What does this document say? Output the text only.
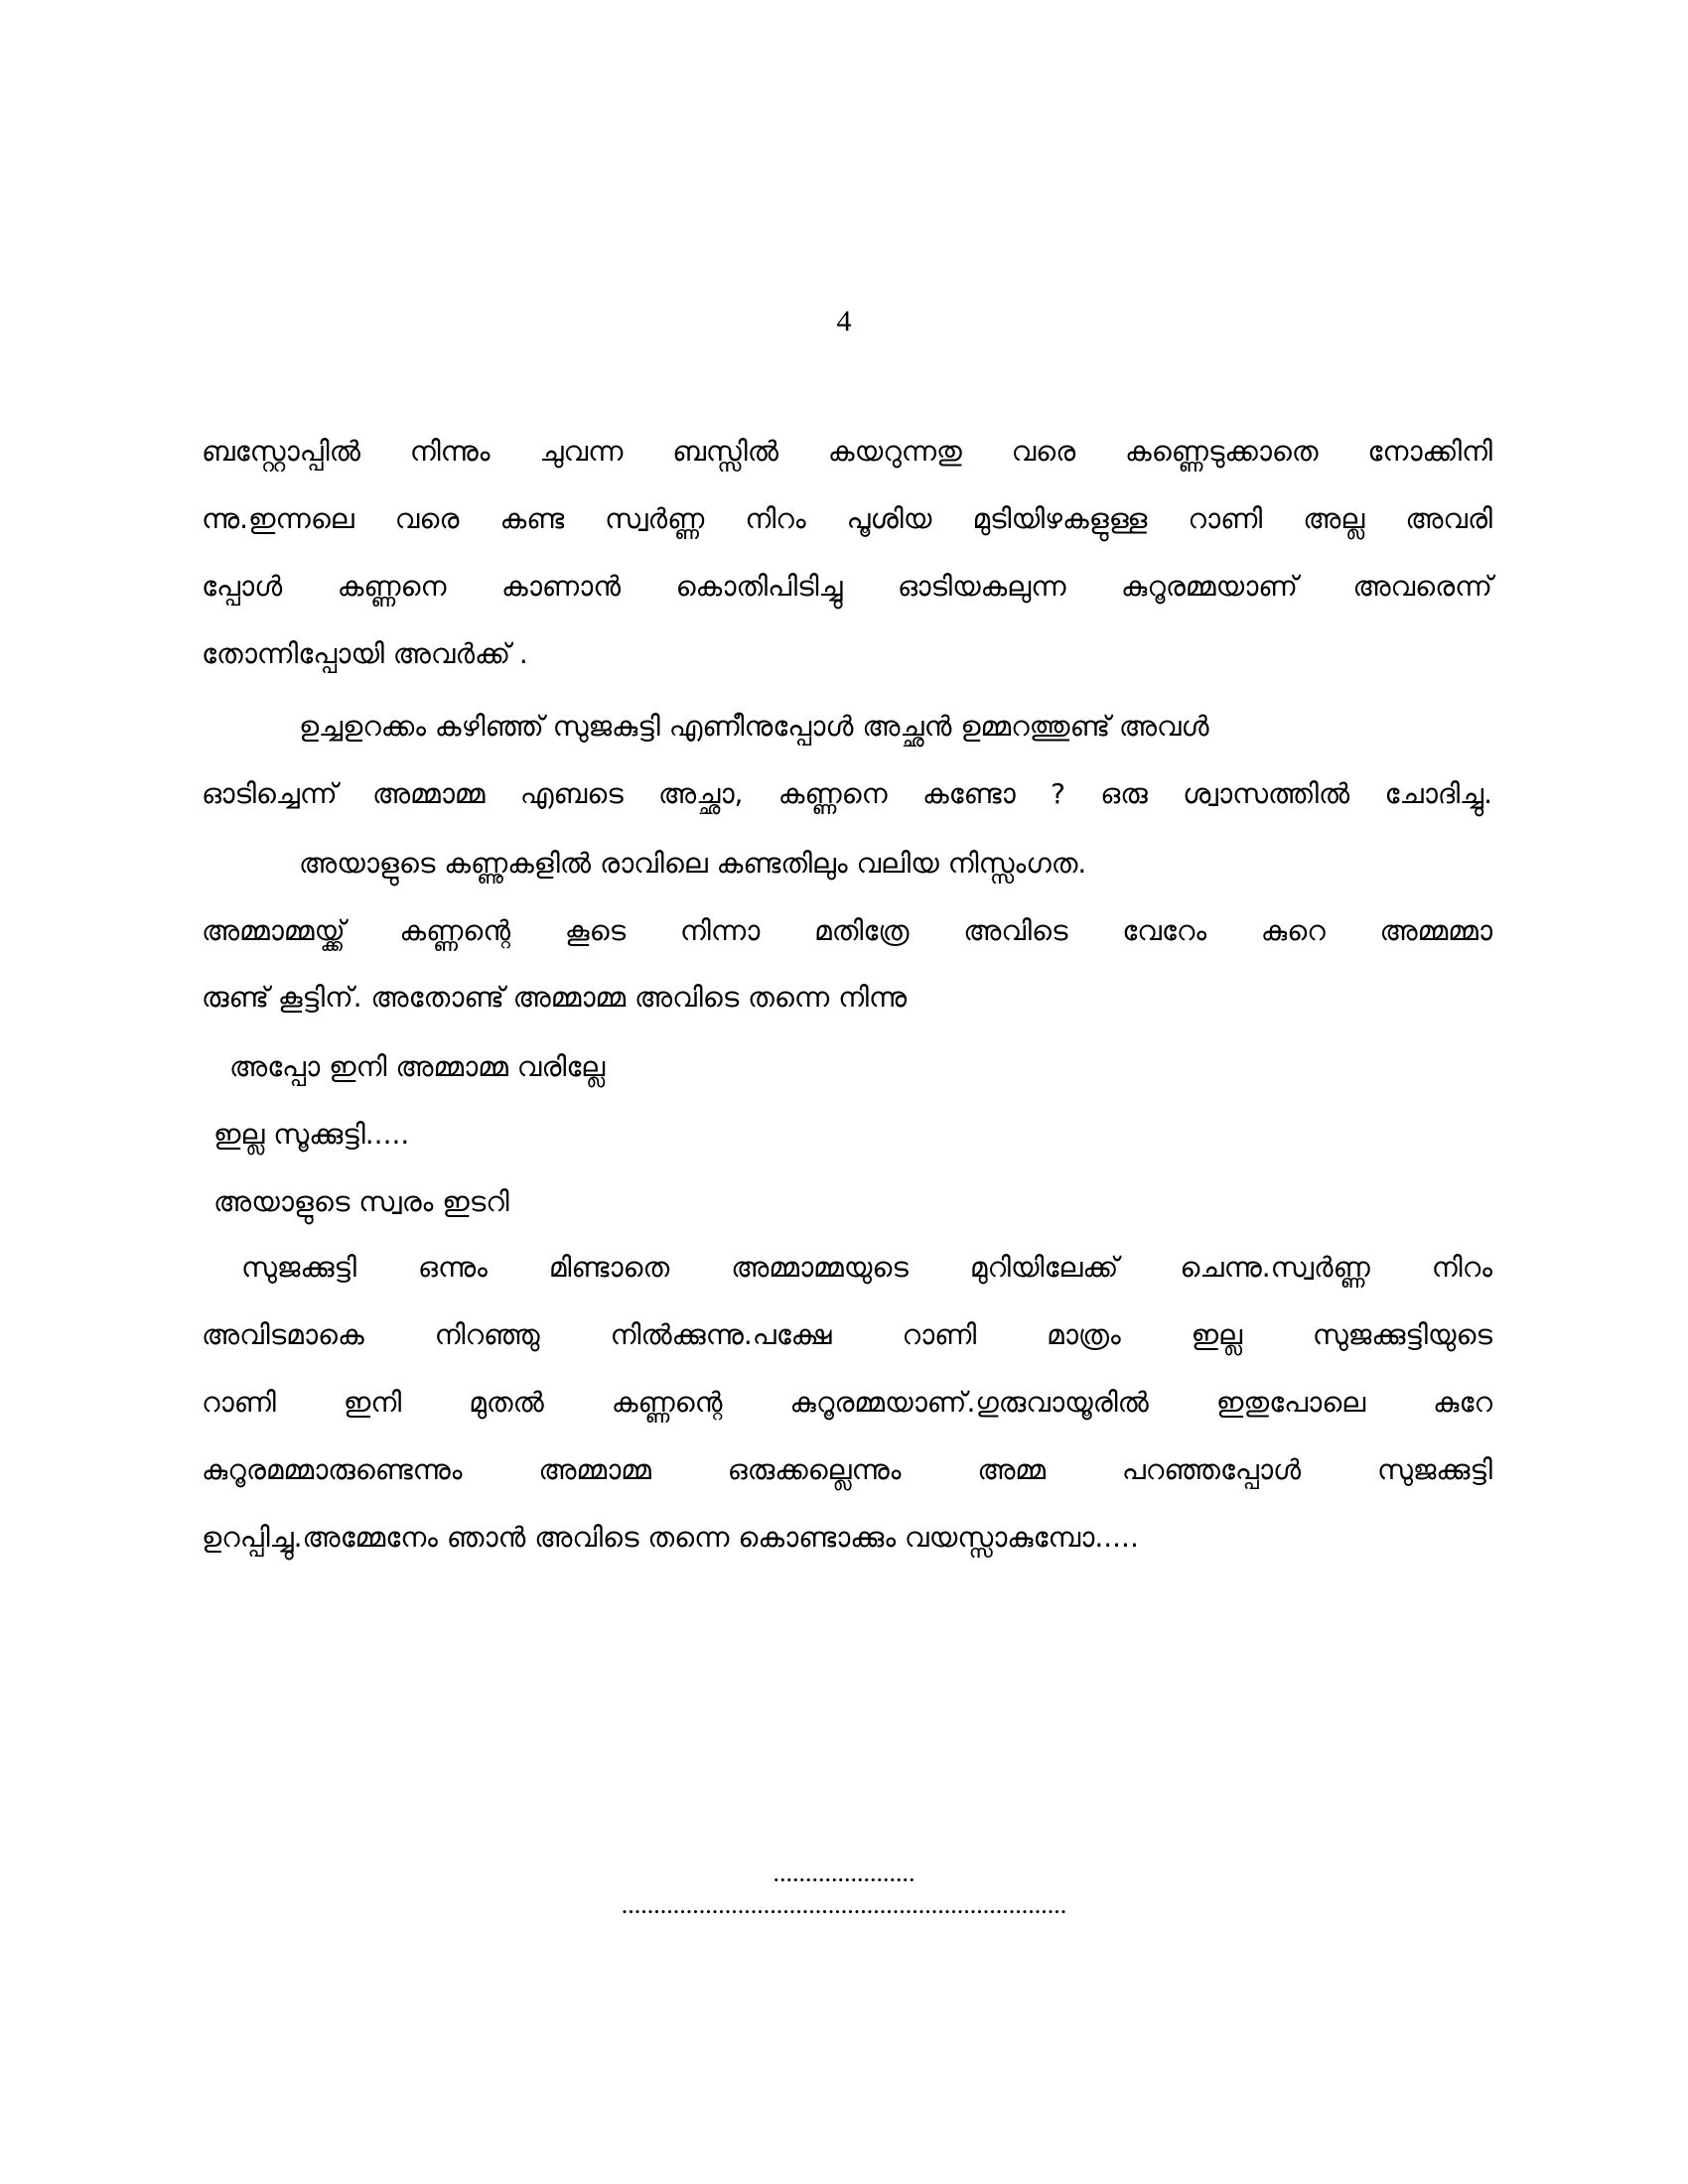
4
ബസ്റ്റോപ്പിൽ നിന്നും ചുവന്ന ബസ്സിൽ കയറുന്നതു വരെ കണ്ണെടുക്കാതെ നോക്കിനി
ന്നു.ഇന്നലെ വരെ കണ്ട സ്വർണ്ണ നിറം പൂശിയ മുടിയിഴകളുള്ള റാണി അല്ല അവരി
പ്പോൾ കണ്ണനെ കാണാൻ കൊതിപിടിച്ചു ഓടിയകലുന്ന കുറൂരമ്മയാണ് അവരെന്ന്
തോന്നിപ്പോയി അവർക്ക് .
ഉച്ചഉറക്കം കഴിഞ്ഞ് സുജകുട്ടി എണീനുപ്പോൾ അച്ഛൻ ഉമ്മറത്തുണ്ട് അവൾ
ഓടിച്ചെന്ന് അമ്മാമ്മ എബടെ അച്ഛാ, കണ്ണനെ കണ്ടോ ? ഒരു ശ്വാസത്തിൽ ചോദിച്ചു.
അയാളുടെ കണ്ണുകളിൽ രാവിലെ കണ്ടതിലും വലിയ നിസ്സംഗത.
അമ്മാമ്മയ്ക്ക് കണ്ണന്റെ കൂടെ നിന്നാ മതിത്രേ അവിടെ വേറേം കുറെ അമ്മമ്മാ
രുണ്ട് കൂട്ടിന്. അതോണ്ട് അമ്മാമ്മ അവിടെ തന്നെ നിന്നു
അപ്പോ ഇനി അമ്മാമ്മ വരില്ലേ
ഇല്ല സൂക്കുട്ടി.....
അയാളുടെ സ്വരം ഇടറി
സുജക്കുട്ടി ഒന്നും മിണ്ടാതെ അമ്മാമ്മയുടെ മുറിയിലേക്ക് ചെന്നു.സ്വർണ്ണ നിറം
അവിടമാകെ നിറഞ്ഞു നിൽക്കുന്നു.പക്ഷേ റാണി മാത്രം ഇല്ല സുജക്കുട്ടിയുടെ
റാണി ഇനി മുതൽ കണ്ണന്റെ കുറൂരമ്മയാണ്.ഗുരുവായൂരിൽ ഇതുപോലെ കുറേ
കുറൂരമമ്മാരുണ്ടെന്നും അമ്മാമ്മ ഒരുക്കല്ലെന്നും അമ്മ പറഞ്ഞപ്പോൾ സുജക്കുട്ടി
ഉറപ്പിച്ചു.അമ്മേനേം ഞാൻ അവിടെ തന്നെ കൊണ്ടാക്കും വയസ്സാകുമ്പോ.....
......................
.....................................................................
